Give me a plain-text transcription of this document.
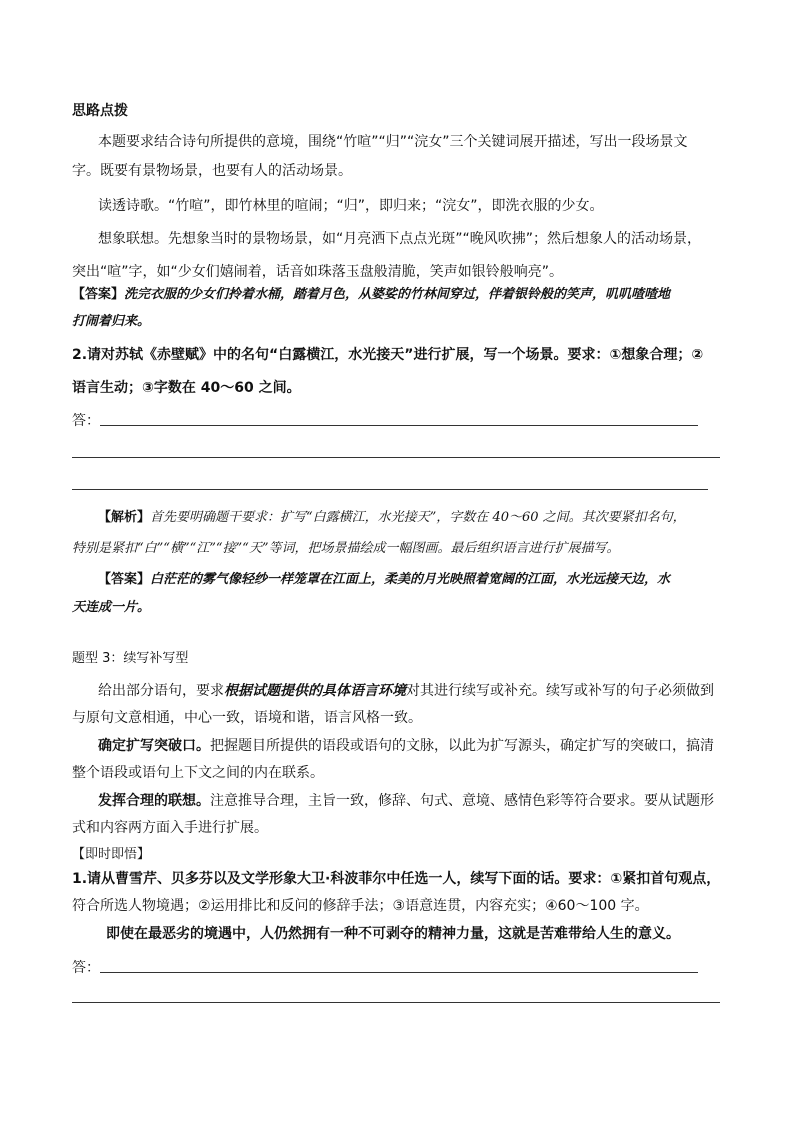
思路点拨
本题要求结合诗句所提供的意境，围绕“竹喧”“归”“浣女”三个关键词展开描述，写出一段场景文
字。既要有景物场景，也要有人的活动场景。
读透诗歌。“竹喧”，即竹林里的喧闹；“归”，即归来；“浣女”，即洗衣服的少女。
想象联想。先想象当时的景物场景，如“月亮洒下点点光斑”“晚风吹拂”；然后想象人的活动场景，
突出“喧”字，如“少女们嬉闹着，话音如珠落玉盘般清脆，笑声如银铃般响亮”。
【答案】洗完衣服的少女们拎着水桶，踏着月色，从婆娑的竹林间穿过，伴着银铃般的笑声，叽叽喳喳地
打闹着归来。
2.请对苏轼《赤壁赋》中的名句“白露横江，水光接天”进行扩展，写一个场景。要求：①想象合理；②
语言生动；③字数在 40～60 之间。
答：
【解析】首先要明确题干要求：扩写“白露横江，水光接天”，字数在 40～60 之间。其次要紧扣名句，
特别是紧扣“白”“横”“江”“接”“天”等词，把场景描绘成一幅图画。最后组织语言进行扩展描写。
【答案】白茫茫的雾气像轻纱一样笼罩在江面上，柔美的月光映照着宽阔的江面，水光远接天边，水
天连成一片。
题型 3：续写补写型
给出部分语句，要求根据试题提供的具体语言环境对其进行续写或补充。续写或补写的句子必须做到
与原句文意相通，中心一致，语境和谐，语言风格一致。
确定扩写突破口。把握题目所提供的语段或语句的文脉，以此为扩写源头，确定扩写的突破口，搞清
整个语段或语句上下文之间的内在联系。
发挥合理的联想。注意推导合理，主旨一致，修辞、句式、意境、感情色彩等符合要求。要从试题形
式和内容两方面入手进行扩展。
【即时即悟】
1.请从曹雪芹、贝多芬以及文学形象大卫·科波菲尔中任选一人，续写下面的话。要求：①紧扣首句观点，
符合所选人物境遇；②运用排比和反问的修辞手法；③语意连贯，内容充实；④60～100 字。
即使在最恶劣的境遇中，人仍然拥有一种不可剥夺的精神力量，这就是苦难带给人生的意义。
答：
